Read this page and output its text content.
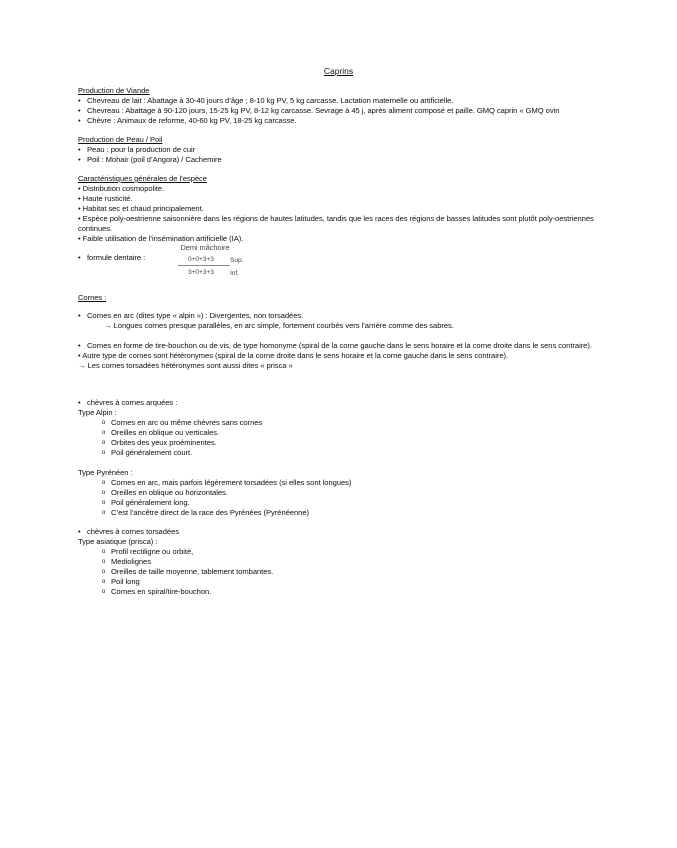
Caprins

Production de Viande

• Chevreau de lait : Abattage à 30-40 jours d’âge ; 8-10 kg PV, 5 kg carcasse. Lactation maternelle ou artificielle.
• Chevreau : Abattage à 90-120 jours, 15-25 kg PV, 8-12 kg carcasse. Sevrage à 45 j, après aliment composé et paille. GMQ caprin « GMQ ovin
• Chèvre : Animaux de reforme, 40-60 kg PV, 18-25 kg carcasse.

Production de Peau / Poil

• Peau : pour la production de cuir
• Poil : Mohair (poil d’Angora) / Cachemire

Caractéristiques générales de l’espèce

• Distribution cosmopolite.

• Haute rusticité.

• Habitat sec et chaud principalement.

• Espèce poly-oestrienne saisonnière dans les régions de hautes latitudes, tandis que les races des régions de basses latitudes sont plutôt poly-oestriennes continues.

• Faible utilisation de l’insémination artificielle (IA).

• formule dentaire :
Demi mâchoire
0+0+3+3 Sup.
3+0+3+3 Inf.

Cornes :

• Cornes en arc (dites type « alpin ») : Divergentes, non torsadées.

→ Longues cornes presque parallèles, en arc simple, fortement courbés vers l’arrière comme des sabres.

• Cornes en forme de tire-bouchon ou de vis, de type homonyme (spiral de la corne gauche dans le sens horaire et la corne droite dans le sens contraire).

• Autre type de cornes sont hétéronymes (spiral de la corne droite dans le sens horaire et la corne gauche dans le sens contraire).

→ Les cornes torsadées hétéronymes sont aussi dites « prisca »

• chèvres à cornes arquées :

Type Alpin :

o Cornes en arc ou même chèvres sans cornes
o Oreilles en oblique ou verticales.
o Orbites des yeux proéminentes.
o Poil généralement court.

Type Pyrénéen :

o Cornes en arc, mais parfois légèrement torsadées (si elles sont longues)
o Oreilles en oblique ou horizontales.
o Poil généralement long.
o C’est l’ancêtre direct de la race des Pyrénées (Pyrénéenne)
• chèvres à cornes torsadées

Type asiatique (prisca) :

o Profil rectiligne ou orbitè,
o Mediolignes
o Oreilles de taille moyenne, tablement tombantes.
o Poil long
o Cornes en spiral/tire-bouchon.
